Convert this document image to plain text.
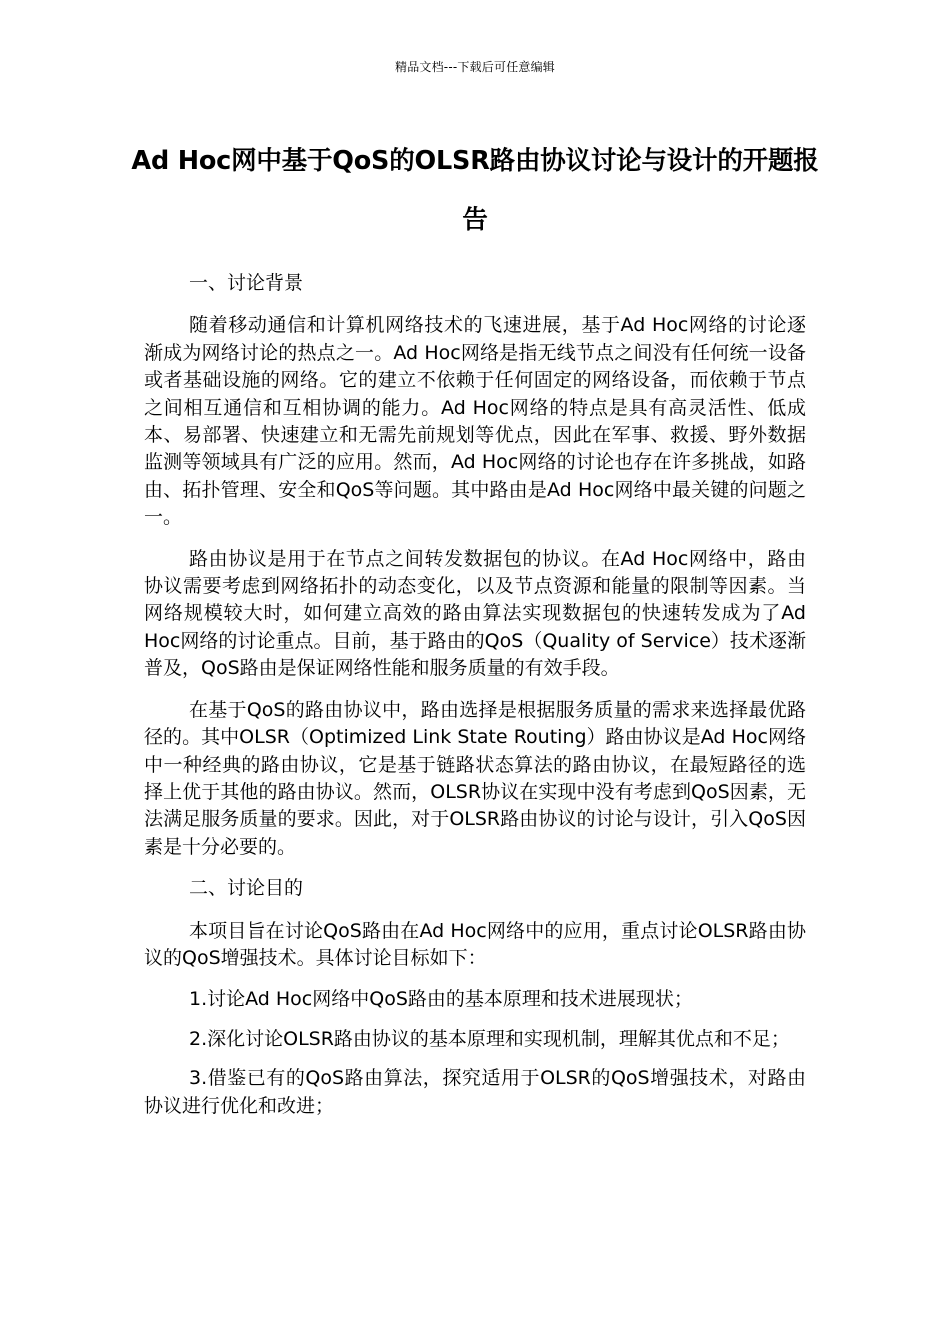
精品文档---下载后可任意编辑
Ad Hoc网中基于QoS的OLSR路由协议讨论与设计的开题报告

一、讨论背景

随着移动通信和计算机网络技术的飞速进展，基于Ad Hoc网络的讨论逐渐成为网络讨论的热点之一。Ad Hoc网络是指无线节点之间没有任何统一设备或者基础设施的网络。它的建立不依赖于任何固定的网络设备，而依赖于节点之间相互通信和互相协调的能力。Ad Hoc网络的特点是具有高灵活性、低成本、易部署、快速建立和无需先前规划等优点，因此在军事、救援、野外数据监测等领域具有广泛的应用。然而，Ad Hoc网络的讨论也存在许多挑战，如路由、拓扑管理、安全和QoS等问题。其中路由是Ad Hoc网络中最关键的问题之一。

路由协议是用于在节点之间转发数据包的协议。在Ad Hoc网络中，路由协议需要考虑到网络拓扑的动态变化，以及节点资源和能量的限制等因素。当网络规模较大时，如何建立高效的路由算法实现数据包的快速转发成为了Ad Hoc网络的讨论重点。目前，基于路由的QoS（Quality of Service）技术逐渐普及，QoS路由是保证网络性能和服务质量的有效手段。

在基于QoS的路由协议中，路由选择是根据服务质量的需求来选择最优路径的。其中OLSR（Optimized Link State Routing）路由协议是Ad Hoc网络中一种经典的路由协议，它是基于链路状态算法的路由协议，在最短路径的选择上优于其他的路由协议。然而，OLSR协议在实现中没有考虑到QoS因素，无法满足服务质量的要求。因此，对于OLSR路由协议的讨论与设计，引入QoS因素是十分必要的。

二、讨论目的

本项目旨在讨论QoS路由在Ad Hoc网络中的应用，重点讨论OLSR路由协议的QoS增强技术。具体讨论目标如下：

1.讨论Ad Hoc网络中QoS路由的基本原理和技术进展现状；

2.深化讨论OLSR路由协议的基本原理和实现机制，理解其优点和不足；

3.借鉴已有的QoS路由算法，探究适用于OLSR的QoS增强技术，对路由协议进行优化和改进；
